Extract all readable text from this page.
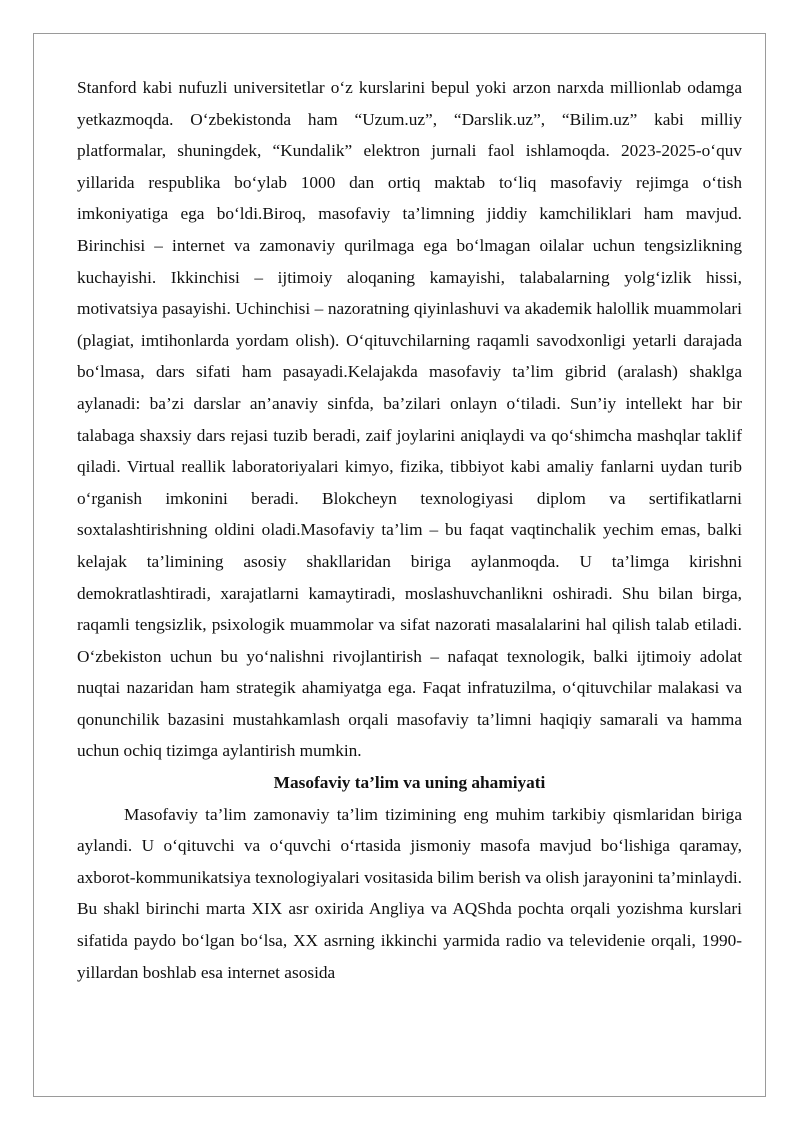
Stanford kabi nufuzli universitetlar o‘z kurslarini bepul yoki arzon narxda millionlab odamga yetkazmoqda. O‘zbekistonda ham “Uzum.uz”, “Darslik.uz”, “Bilim.uz” kabi milliy platformalar, shuningdek, “Kundalik” elektron jurnali faol ishlamoqda. 2023-2025-o‘quv yillarida respublika bo‘ylab 1000 dan ortiq maktab to‘liq masofaviy rejimga o‘tish imkoniyatiga ega bo‘ldi.Biroq, masofaviy ta’limning jiddiy kamchiliklari ham mavjud. Birinchisi – internet va zamonaviy qurilmaga ega bo‘lmagan oilalar uchun tengsizlikning kuchayishi. Ikkinchisi – ijtimoiy aloqaning kamayishi, talabalarning yolg‘izlik hissi, motivatsiya pasayishi. Uchinchisi – nazoratning qiyinlashuvi va akademik halollik muammolari (plagiat, imtihonlarda yordam olish). O‘qituvchilarning raqamli savodxonligi yetarli darajada bo‘lmasa, dars sifati ham pasayadi.Kelajakda masofaviy ta’lim gibrid (aralash) shaklga aylanadi: ba’zi darslar an’anaviy sinfda, ba’zilari onlayn o‘tiladi. Sun’iy intellekt har bir talabaga shaxsiy dars rejasi tuzib beradi, zaif joylarini aniqlaydi va qo‘shimcha mashqlar taklif qiladi. Virtual reallik laboratoriyalari kimyo, fizika, tibbiyot kabi amaliy fanlarni uydan turib o‘rganish imkonini beradi. Blokcheyn texnologiyasi diplom va sertifikatlarni soxtalashtirishning oldini oladi.Masofaviy ta’lim – bu faqat vaqtinchalik yechim emas, balki kelajak ta’limining asosiy shakllaridan biriga aylanmoqda. U ta’limga kirishni demokratlashtiradi, xarajatlarni kamaytiradi, moslashuvchanlikni oshiradi. Shu bilan birga, raqamli tengsizlik, psixologik muammolar va sifat nazorati masalalarini hal qilish talab etiladi. O‘zbekiston uchun bu yo‘nalishni rivojlantirish – nafaqat texnologik, balki ijtimoiy adolat nuqtai nazaridan ham strategik ahamiyatga ega. Faqat infratuzilma, o‘qituvchilar malakasi va qonunchilik bazasini mustahkamlash orqali masofaviy ta’limni haqiqiy samarali va hamma uchun ochiq tizimga aylantirish mumkin.

Masofaviy ta’lim va uning ahamiyati

Masofaviy ta’lim zamonaviy ta’lim tizimining eng muhim tarkibiy qismlaridan biriga aylandi. U o‘qituvchi va o‘quvchi o‘rtasida jismoniy masofa mavjud bo‘lishiga qaramay, axborot-kommunikatsiya texnologiyalari vositasida bilim berish va olish jarayonini ta’minlaydi. Bu shakl birinchi marta XIX asr oxirida Angliya va AQShda pochta orqali yozishma kurslari sifatida paydo bo‘lgan bo‘lsa, XX asrning ikkinchi yarmida radio va televidenie orqali, 1990-yillardan boshlab esa internet asosida
